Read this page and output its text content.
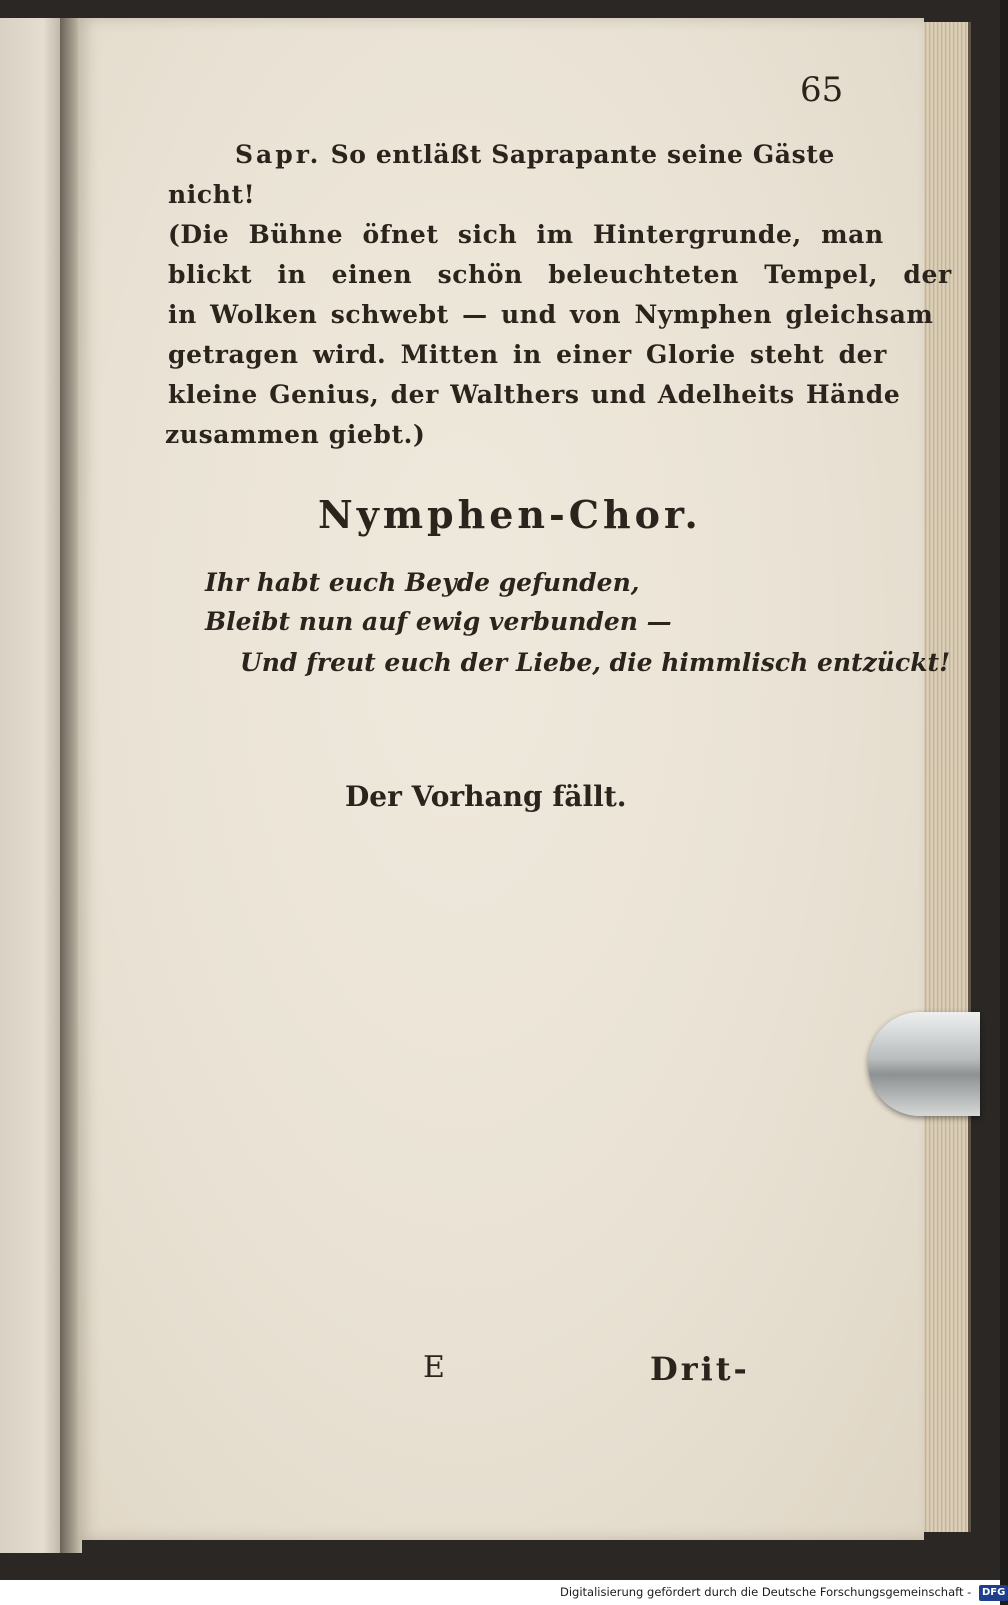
65
Sapr. So entläßt Saprapante seine Gäste
nicht!
(Die Bühne öfnet sich im Hintergrunde, man
blickt in einen schön beleuchteten Tempel, der
in Wolken schwebt — und von Nymphen gleichsam
getragen wird. Mitten in einer Glorie steht der
kleine Genius, der Walthers und Adelheits Hände
zusammen giebt.)
Nymphen-Chor.
Ihr habt euch Beyde gefunden,
Bleibt nun auf ewig verbunden —
Und freut euch der Liebe, die himmlisch entzückt!
Der Vorhang fällt.
E	Drit-
Digitalisierung gefördert durch die Deutsche Forschungsgemeinschaft - DFG
